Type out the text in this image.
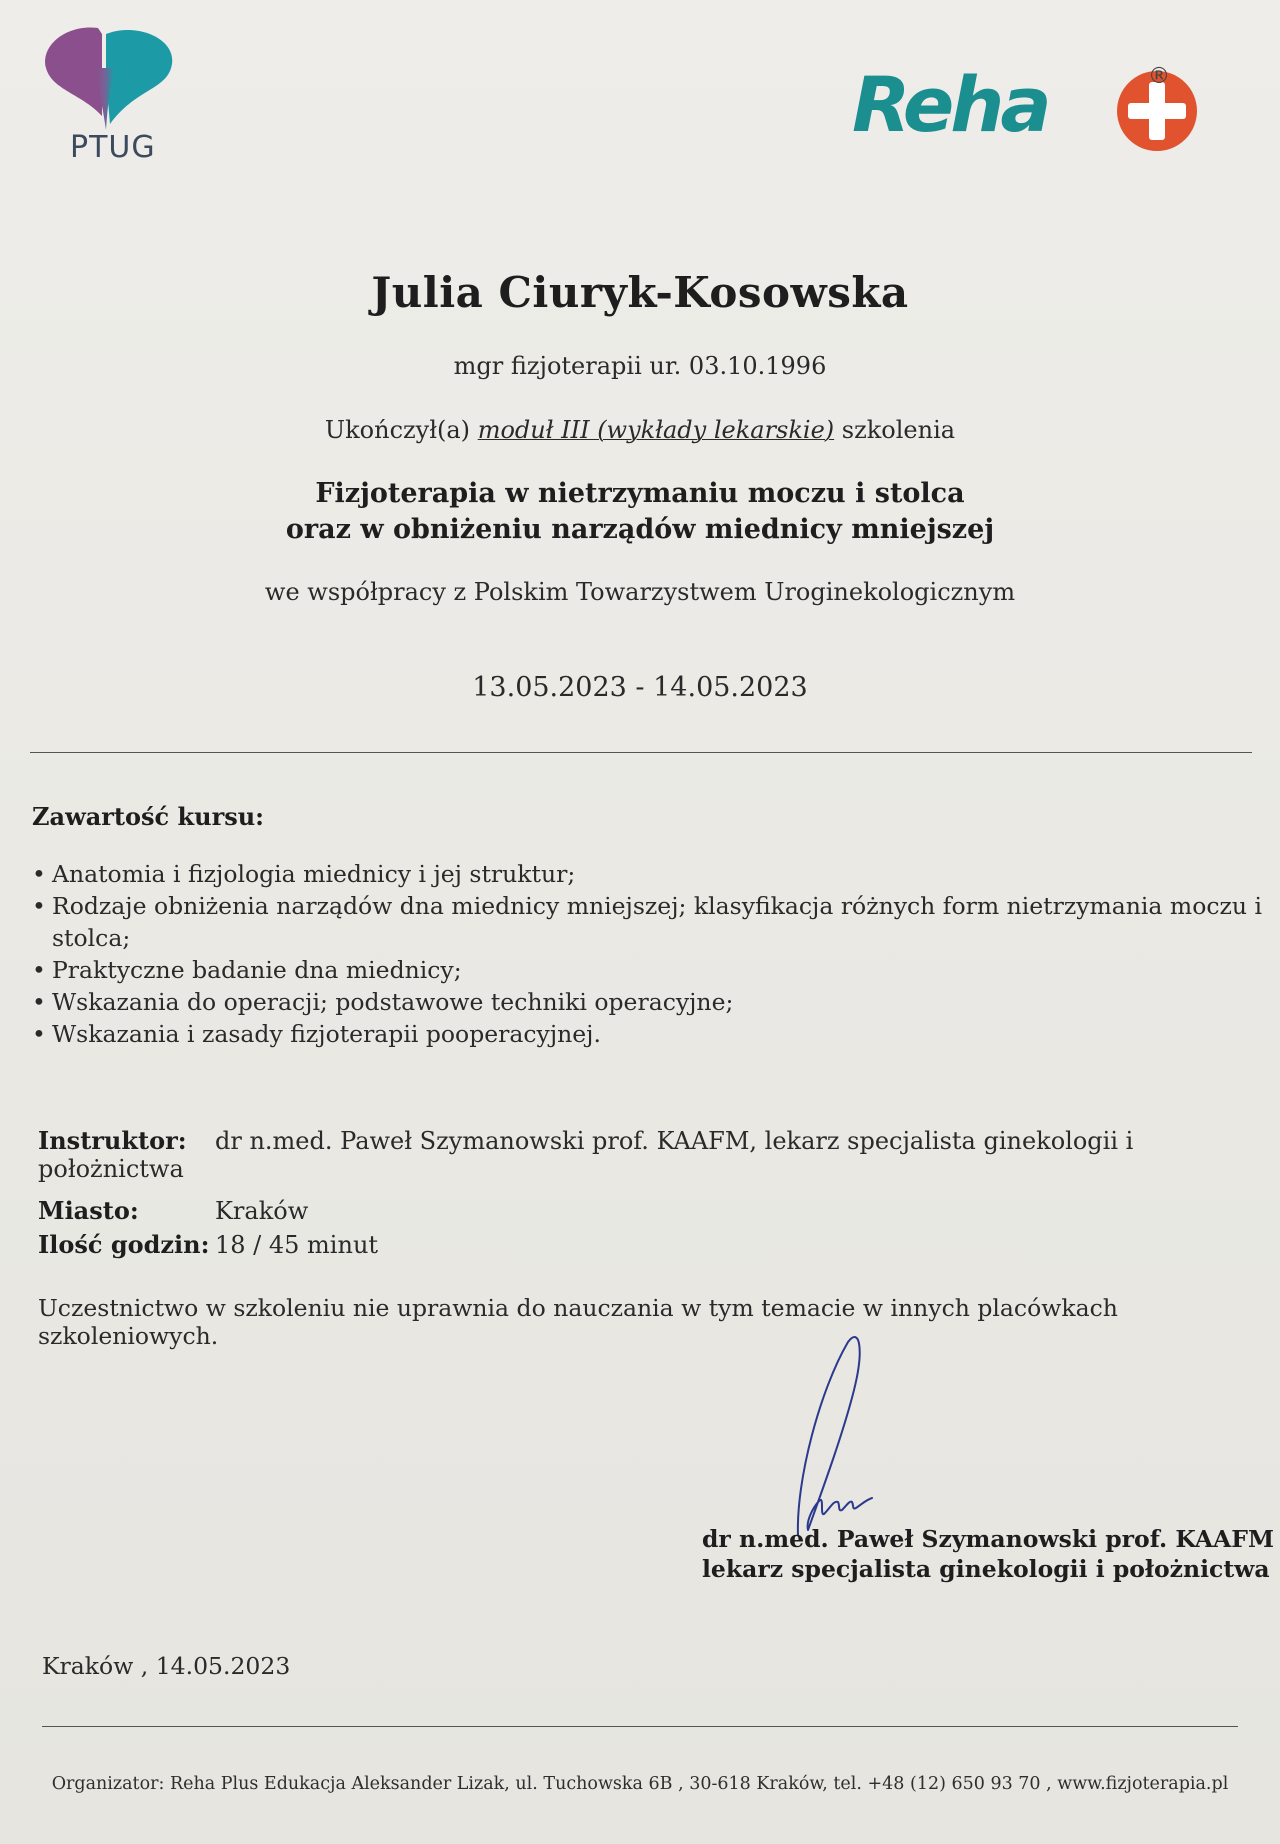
PTUG	Reha	®
Julia Ciuryk-Kosowska
mgr fizjoterapii ur. 03.10.1996
Ukończył(a) moduł III (wykłady lekarskie) szkolenia
Fizjoterapia w nietrzymaniu moczu i stolca
oraz w obniżeniu narządów miednicy mniejszej
we współpracy z Polskim Towarzystwem Uroginekologicznym
13.05.2023 - 14.05.2023
Zawartość kursu:
• Anatomia i fizjologia miednicy i jej struktur;
• Rodzaje obniżenia narządów dna miednicy mniejszej; klasyfikacja różnych form nietrzymania moczu i stolca;
• Praktyczne badanie dna miednicy;
• Wskazania do operacji; podstawowe techniki operacyjne;
• Wskazania i zasady fizjoterapii pooperacyjnej.
Instruktor: dr n.med. Paweł Szymanowski prof. KAAFM, lekarz specjalista ginekologii i położnictwa
Miasto:	Kraków
Ilość godzin: 18 / 45 minut
Uczestnictwo w szkoleniu nie uprawnia do nauczania w tym temacie w innych placówkach szkoleniowych.
dr n.med. Paweł Szymanowski prof. KAAFM
lekarz specjalista ginekologii i położnictwa
Kraków , 14.05.2023
Organizator: Reha Plus Edukacja Aleksander Lizak, ul. Tuchowska 6B , 30-618 Kraków, tel. +48 (12) 650 93 70 , www.fizjoterapia.pl
